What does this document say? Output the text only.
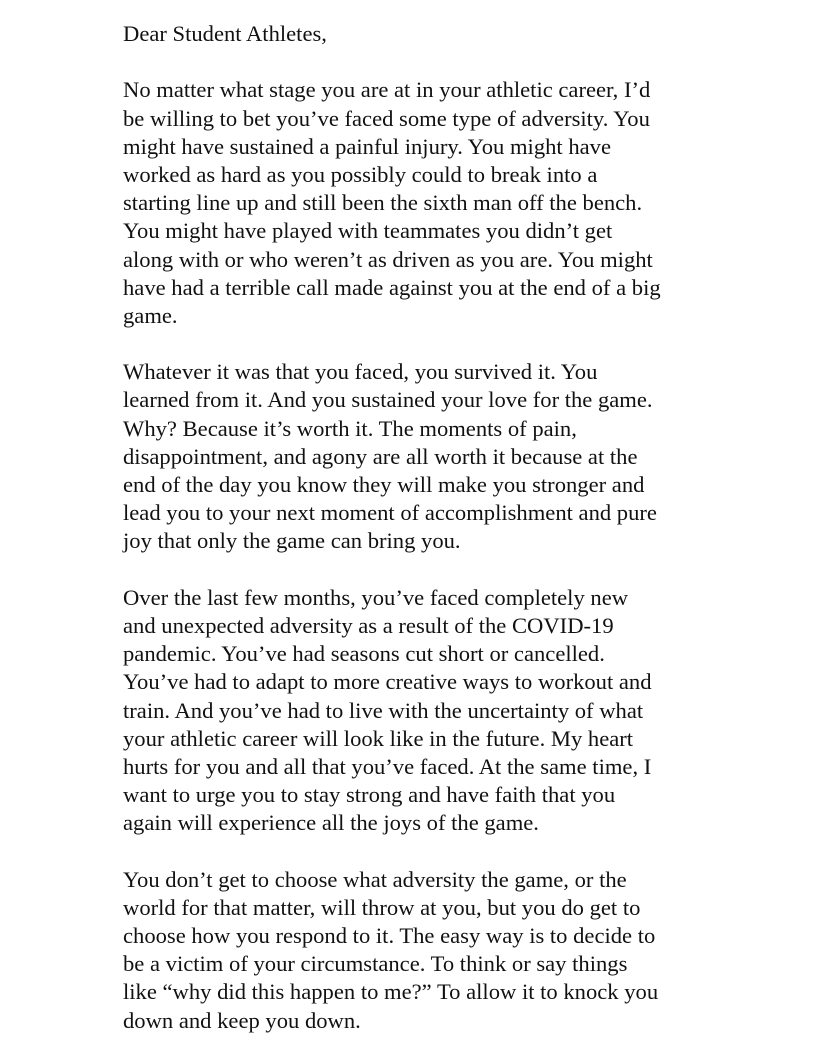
Dear Student Athletes,
No matter what stage you are at in your athletic career, I’d
be willing to bet you’ve faced some type of adversity. You
might have sustained a painful injury. You might have
worked as hard as you possibly could to break into a
starting line up and still been the sixth man off the bench.
You might have played with teammates you didn’t get
along with or who weren’t as driven as you are. You might
have had a terrible call made against you at the end of a big
game.
Whatever it was that you faced, you survived it. You
learned from it. And you sustained your love for the game.
Why? Because it’s worth it. The moments of pain,
disappointment, and agony are all worth it because at the
end of the day you know they will make you stronger and
lead you to your next moment of accomplishment and pure
joy that only the game can bring you.
Over the last few months, you’ve faced completely new
and unexpected adversity as a result of the COVID-19
pandemic. You’ve had seasons cut short or cancelled.
You’ve had to adapt to more creative ways to workout and
train. And you’ve had to live with the uncertainty of what
your athletic career will look like in the future. My heart
hurts for you and all that you’ve faced. At the same time, I
want to urge you to stay strong and have faith that you
again will experience all the joys of the game.
You don’t get to choose what adversity the game, or the
world for that matter, will throw at you, but you do get to
choose how you respond to it. The easy way is to decide to
be a victim of your circumstance. To think or say things
like “why did this happen to me?” To allow it to knock you
down and keep you down.
